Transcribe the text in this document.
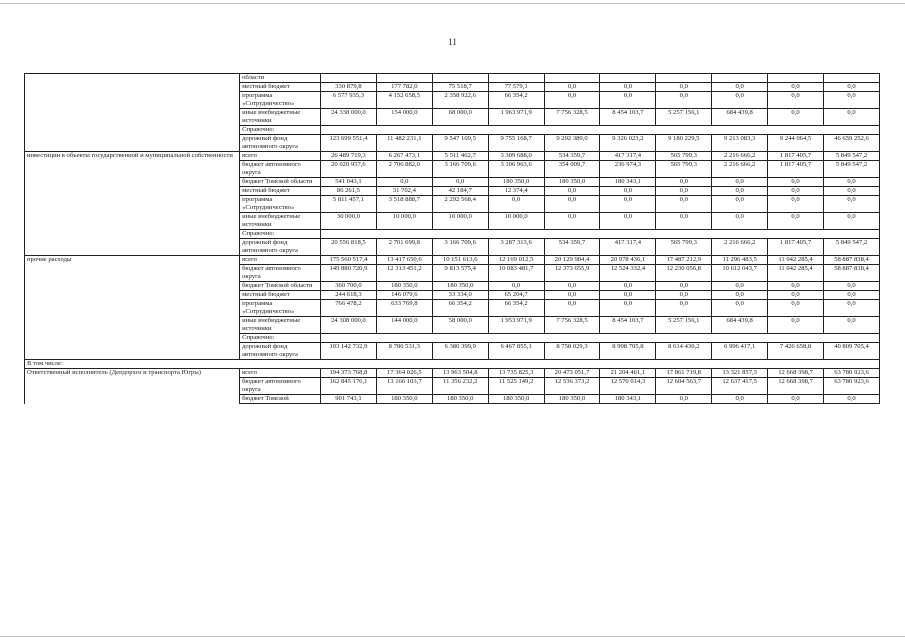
11
	области										
	местный бюджет	330 879,8	177 782,0	75 518,7	77 579,1	0,0	0,0	0,0	0,0	0,0	0,0
	программа «Сотрудничество»	6 577 935,3	4 152 658,5	2 358 922,6	66 354,2	0,0	0,0	0,0	0,0	0,0	0,0
	иные внебюджетные источники	24 338 000,0	154 000,0	68 000,0	1 963 971,9	7 756 328,5	8 454 103,7	5 257 156,1	684 439,8	0,0	0,0
	Справочно:										
	дорожный фонд автономного округа	123 699 551,4	11 482 231,1	9 547 109,5	9 755 168,7	9 292 389,0	9 326 023,2	9 180 229,5	9 213 083,3	9 244 064,5	46 659 252,6
инвестиции в объекты государственной и муниципальной собственности	всего	26 489 719,3	6 267 473,1	5 511 462,7	3 309 688,0	534 359,7	417 317,4	565 799,3	2 216 666,2	1 817 405,7	5 849 547,2
	бюджет автономного округа	20 020 957,6	2 706 882,0	3 166 709,6	3 106 963,6	354 009,7	236 974,3	565 799,3	2 216 666,2	1 817 405,7	5 849 547,2
	бюджет Томской области	541 043,1	0,0	0,0	180 350,0	180 350,0	180 343,1	0,0	0,0	0,0	0,0
	местный бюджет	86 261,5	31 702,4	42 184,7	12 374,4	0,0	0,0	0,0	0,0	0,0	0,0
	программа «Сотрудничество»	5 811 457,1	3 518 888,7	2 292 568,4	0,0	0,0	0,0	0,0	0,0	0,0	0,0
	иные внебюджетные источники	30 000,0	10 000,0	10 000,0	10 000,0	0,0	0,0	0,0	0,0	0,0	0,0
	Справочно:										
	дорожный фонд автономного округа	20 556 818,5	2 701 699,8	3 166 709,6	3 287 313,6	534 359,7	417 317,4	565 799,3	2 216 666,2	1 817 405,7	5 849 547,2
прочие расходы	всего	175 560 517,4	13 417 650,6	10 151 613,6	12 169 012,5	20 129 984,4	20 978 436,1	17 487 212,9	11 296 483,5	11 042 285,4	58 887 838,4
	бюджет автономного округа	149 880 720,9	12 313 451,2	9 813 575,4	10 083 481,7	12 373 655,9	12 524 332,4	12 230 056,8	10 612 043,7	11 042 285,4	58 887 838,4
	бюджет Томской области	360 700,0	180 350,0	180 350,0	0,0	0,0	0,0	0,0	0,0	0,0	0,0
	местный бюджет	244 618,3	146 079,6	33 334,0	65 204,7	0,0	0,0	0,0	0,0	0,0	0,0
	программа «Сотрудничество»	766 478,2	633 769,8	66 354,2	66 354,2	0,0	0,0	0,0	0,0	0,0	0,0
	иные внебюджетные источники	24 308 000,0	144 000,0	58 000,0	1 953 971,9	7 756 328,5	8 454 103,7	5 257 156,1	684 439,8	0,0	0,0
	Справочно:										
	дорожный фонд автономного округа	103 142 732,9	8 780 531,3	6 380 399,9	6 467 855,1	8 758 029,3	8 908 705,8	8 614 430,2	6 996 417,1	7 426 658,8	40 809 705,4
В том числе:											
Ответственный исполнитель (Депдорхоз и транспорта Югры)	всего	194 373 768,8	17 364 026,5	13 963 504,8	13 735 825,3	20 473 051,7	21 204 461,1	17 861 719,8	13 321 857,3	12 668 398,7	63 780 923,6
	бюджет автономного округа	162 845 176,1	13 166 103,7	11 356 232,2	11 525 149,2	12 536 373,2	12 570 014,3	12 604 563,7	12 637 417,5	12 668 398,7	63 780 923,6
	бюджет Томской	901 743,1	180 350,0	180 350,0	180 350,0	180 350,0	180 343,1	0,0	0,0	0,0	0,0
